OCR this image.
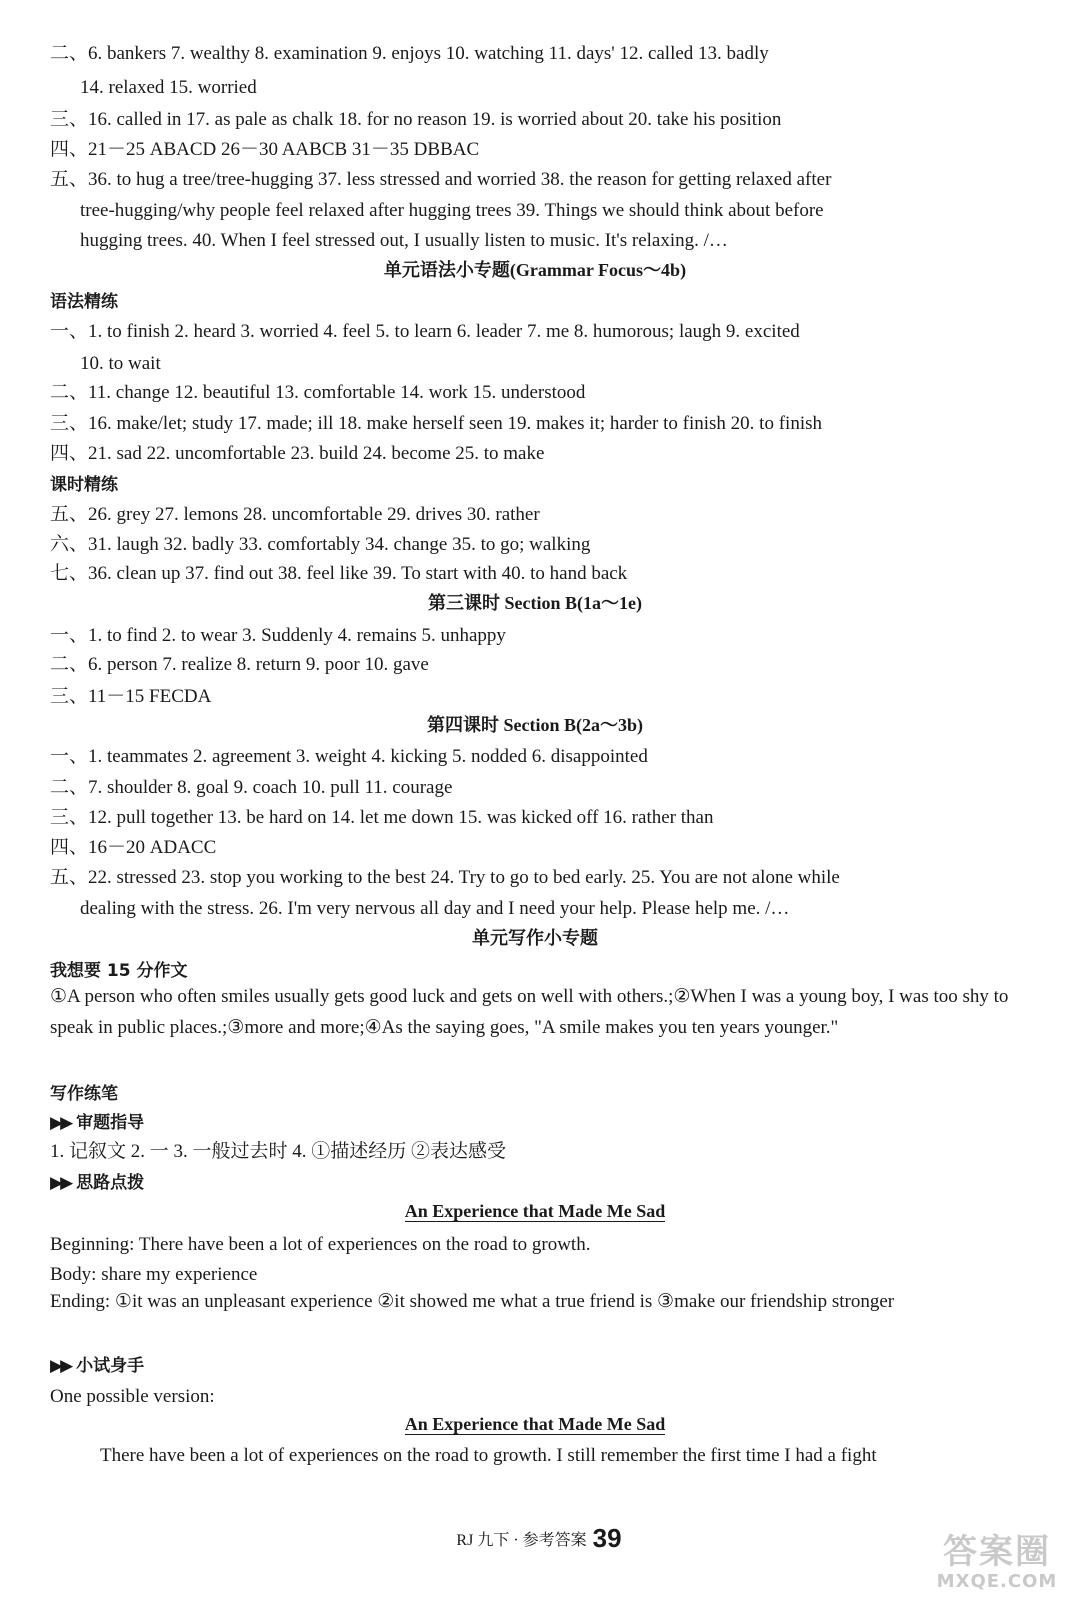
二、6. bankers 7. wealthy 8. examination 9. enjoys 10. watching 11. days' 12. called 13. badly
14. relaxed 15. worried
三、16. called in 17. as pale as chalk 18. for no reason 19. is worried about 20. take his position
四、21－25 ABACD 26－30 AABCB 31－35 DBBAC
五、36. to hug a tree/tree-hugging 37. less stressed and worried 38. the reason for getting relaxed after
tree-hugging/why people feel relaxed after hugging trees 39. Things we should think about before
hugging trees. 40. When I feel stressed out, I usually listen to music. It's relaxing. /…
单元语法小专题(Grammar Focus～4b)
语法精练
一、1. to finish 2. heard 3. worried 4. feel 5. to learn 6. leader 7. me 8. humorous; laugh 9. excited
10. to wait
二、11. change 12. beautiful 13. comfortable 14. work 15. understood
三、16. make/let; study 17. made; ill 18. make herself seen 19. makes it; harder to finish 20. to finish
四、21. sad 22. uncomfortable 23. build 24. become 25. to make
课时精练
五、26. grey 27. lemons 28. uncomfortable 29. drives 30. rather
六、31. laugh 32. badly 33. comfortably 34. change 35. to go; walking
七、36. clean up 37. find out 38. feel like 39. To start with 40. to hand back
第三课时 Section B(1a～1e)
一、1. to find 2. to wear 3. Suddenly 4. remains 5. unhappy
二、6. person 7. realize 8. return 9. poor 10. gave
三、11－15 FECDA
第四课时 Section B(2a～3b)
一、1. teammates 2. agreement 3. weight 4. kicking 5. nodded 6. disappointed
二、7. shoulder 8. goal 9. coach 10. pull 11. courage
三、12. pull together 13. be hard on 14. let me down 15. was kicked off 16. rather than
四、16－20 ADACC
五、22. stressed 23. stop you working to the best 24. Try to go to bed early. 25. You are not alone while
dealing with the stress. 26. I'm very nervous all day and I need your help. Please help me. /…
单元写作小专题
我想要 15 分作文
①A person who often smiles usually gets good luck and gets on well with others.;②When I was a young boy, I was too shy to speak in public places.;③more and more;④As the saying goes, "A smile makes you ten years younger."
写作练笔
▶▶ 审题指导
1. 记叙文 2. 一 3. 一般过去时 4. ①描述经历 ②表达感受
▶▶ 思路点拨
An Experience that Made Me Sad
Beginning: There have been a lot of experiences on the road to growth.
Body: share my experience
Ending: ①it was an unpleasant experience ②it showed me what a true friend is ③make our friendship stronger
▶▶ 小试身手
One possible version:
An Experience that Made Me Sad
There have been a lot of experiences on the road to growth. I still remember the first time I had a fight
RJ 九下 · 参考答案 39	答案圈
MXQE.COM
